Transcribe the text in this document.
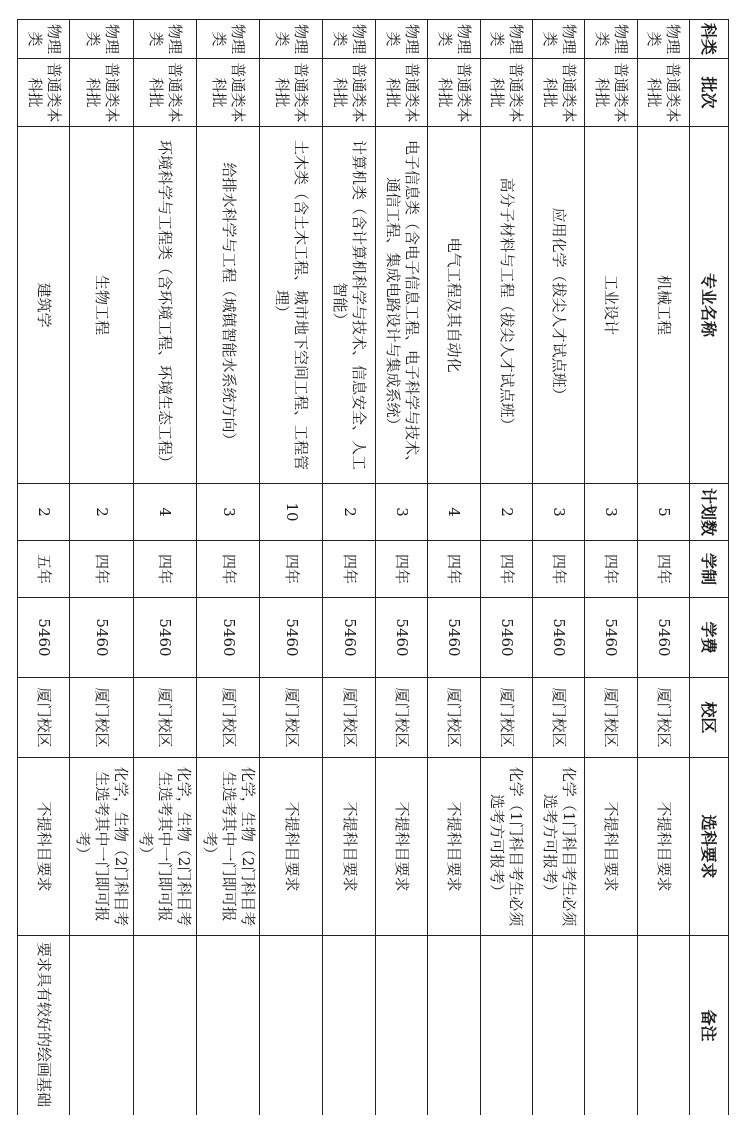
科类	批次	专业名称	计划数	学制	学费	校区	选科要求	备注
物理类	普通类本科批	机械工程	5	四年	5460	厦门校区	不提科目要求	
物理类	普通类本科批	工业设计	3	四年	5460	厦门校区	不提科目要求	
物理类	普通类本科批	应用化学（拔尖人才试点班）	3	四年	5460	厦门校区	化学（1门科目考生必须选考方可报考）	
物理类	普通类本科批	高分子材料与工程（拔尖人才试点班）	2	四年	5460	厦门校区	化学（1门科目考生必须选考方可报考）	
物理类	普通类本科批	电气工程及其自动化	4	四年	5460	厦门校区	不提科目要求	
物理类	普通类本科批	电子信息类（含电子信息工程、电子科学与技术、通信工程、集成电路设计与集成系统）	3	四年	5460	厦门校区	不提科目要求	
物理类	普通类本科批	计算机类（含计算机科学与技术、信息安全、人工智能）	2	四年	5460	厦门校区	不提科目要求	
物理类	普通类本科批	土木类（含土木工程、城市地下空间工程、工程管理）	10	四年	5460	厦门校区	不提科目要求	
物理类	普通类本科批	给排水科学与工程（城镇智能水系统方向）	3	四年	5460	厦门校区	化学，生物（2门科目考生选考其中一门即可报考）	
物理类	普通类本科批	环境科学与工程类（含环境工程、环境生态工程）	4	四年	5460	厦门校区	化学，生物（2门科目考生选考其中一门即可报考）	
物理类	普通类本科批	生物工程	2	四年	5460	厦门校区	化学，生物（2门科目考生选考其中一门即可报考）	
物理类	普通类本科批	建筑学	2	五年	5460	厦门校区	不提科目要求	要求具有较好的绘画基础
